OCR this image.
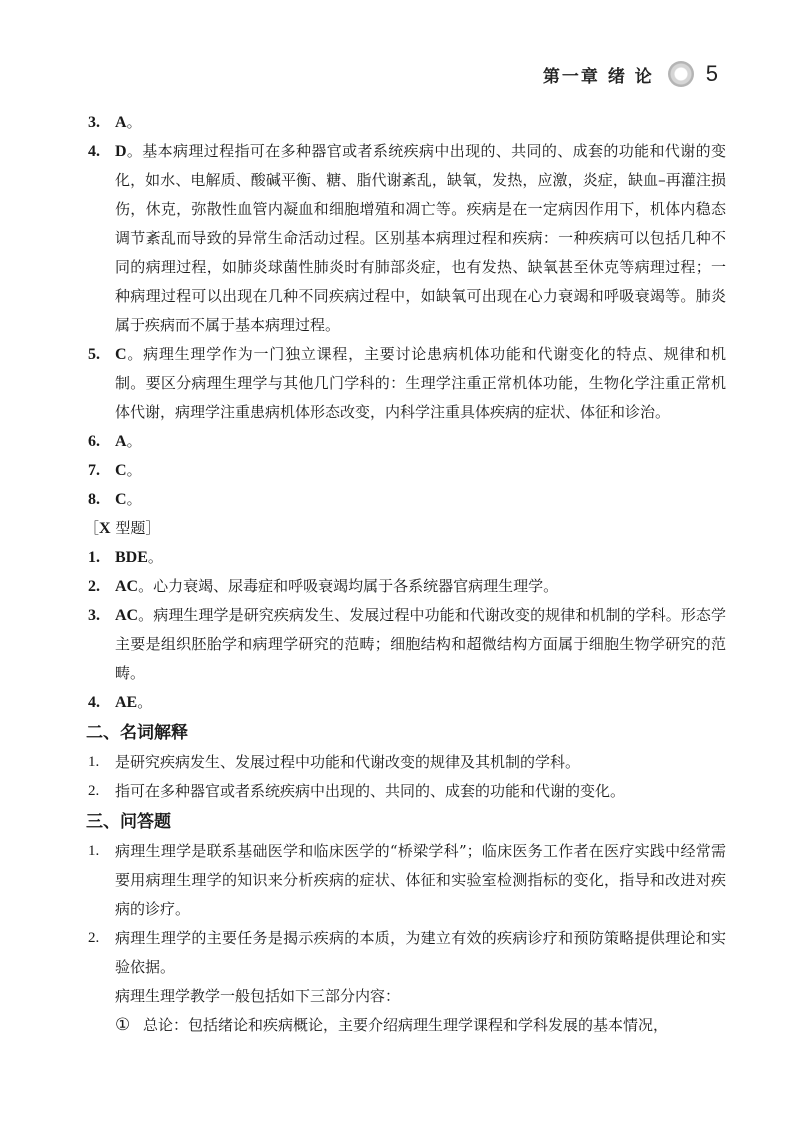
第一章 绪 论 5
3. A。
4. D。基本病理过程指可在多种器官或者系统疾病中出现的、共同的、成套的功能和代谢的变化，如水、电解质、酸碱平衡、糖、脂代谢紊乱，缺氧，发热，应激，炎症，缺血–再灌注损伤，休克，弥散性血管内凝血和细胞增殖和凋亡等。疾病是在一定病因作用下，机体内稳态调节紊乱而导致的异常生命活动过程。区别基本病理过程和疾病：一种疾病可以包括几种不同的病理过程，如肺炎球菌性肺炎时有肺部炎症，也有发热、缺氧甚至休克等病理过程；一种病理过程可以出现在几种不同疾病过程中，如缺氧可出现在心力衰竭和呼吸衰竭等。肺炎属于疾病而不属于基本病理过程。
5. C。病理生理学作为一门独立课程，主要讨论患病机体功能和代谢变化的特点、规律和机制。要区分病理生理学与其他几门学科的：生理学注重正常机体功能，生物化学注重正常机体代谢，病理学注重患病机体形态改变，内科学注重具体疾病的症状、体征和诊治。
6. A。
7. C。
8. C。
［X 型题］
1. BDE。
2. AC。心力衰竭、尿毒症和呼吸衰竭均属于各系统器官病理生理学。
3. AC。病理生理学是研究疾病发生、发展过程中功能和代谢改变的规律和机制的学科。形态学主要是组织胚胎学和病理学研究的范畴；细胞结构和超微结构方面属于细胞生物学研究的范畴。
4. AE。
二、名词解释
1.	是研究疾病发生、发展过程中功能和代谢改变的规律及其机制的学科。
2.	指可在多种器官或者系统疾病中出现的、共同的、成套的功能和代谢的变化。
三、问答题
1.	病理生理学是联系基础医学和临床医学的“桥梁学科”；临床医务工作者在医疗实践中经常需要用病理生理学的知识来分析疾病的症状、体征和实验室检测指标的变化，指导和改进对疾病的诊疗。
2.	病理生理学的主要任务是揭示疾病的本质，为建立有效的疾病诊疗和预防策略提供理论和实验依据。
病理生理学教学一般包括如下三部分内容：
① 总论：包括绪论和疾病概论，主要介绍病理生理学课程和学科发展的基本情况，
